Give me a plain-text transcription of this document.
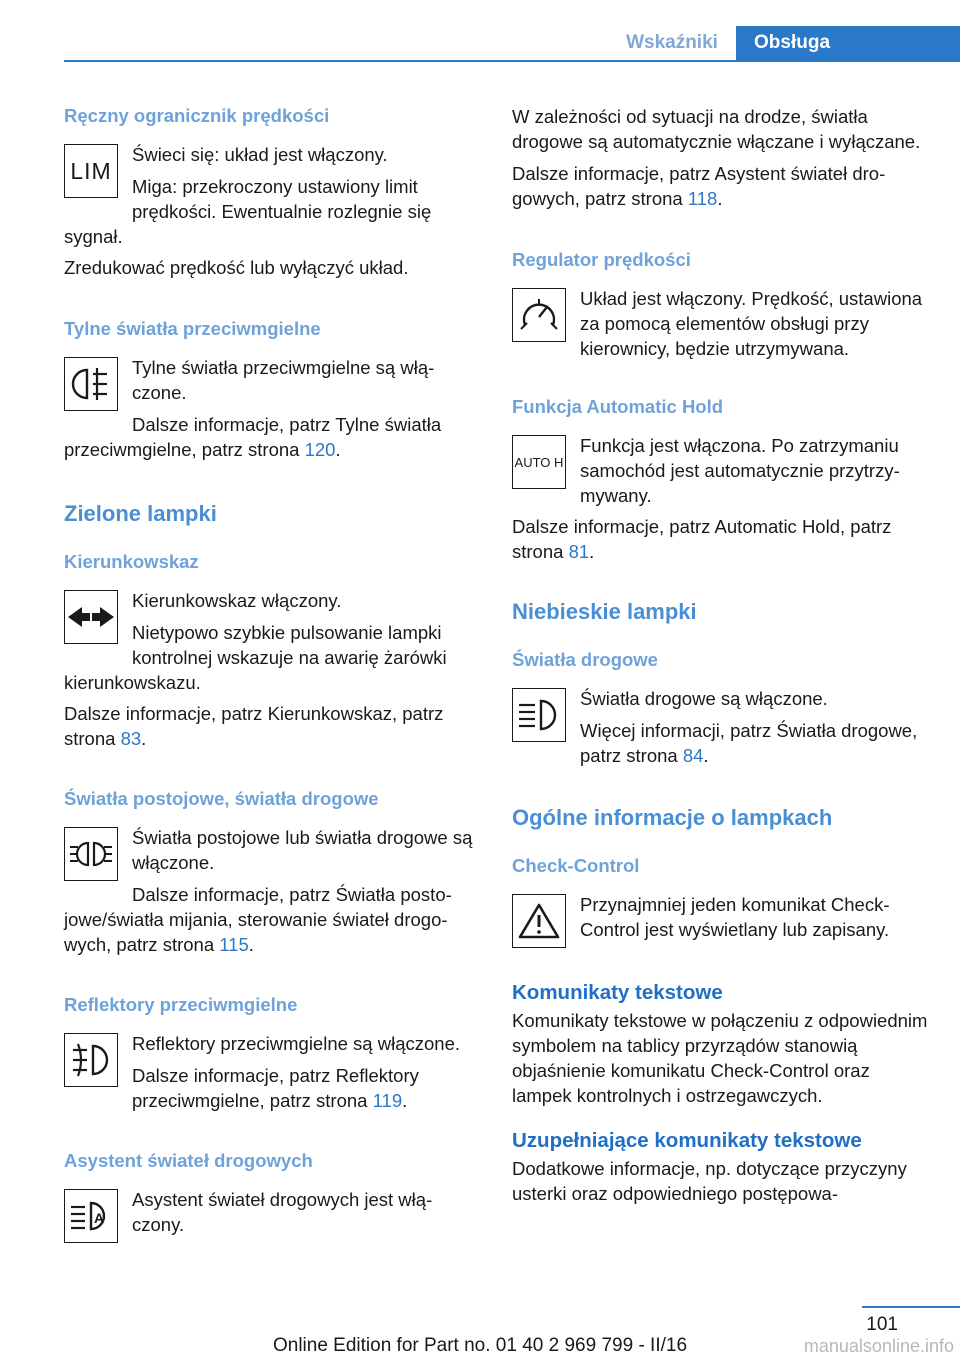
Wskaźniki	Obsługa
Ręczny ogranicznik prędkości
LIM

Świeci się: układ jest włączony.

Miga: przekroczony ustawiony limit prędkości. Ewentualnie rozlegnie się sygnał.

Zredukować prędkość lub wyłączyć układ.

Tylne światła przeciwmgielne

Tylne światła przeciwmgielne są włączone.

Dalsze informacje, patrz Tylne światła przeciwmgielne, patrz strona 120.

Zielone lampki
Kierunkowskaz

Kierunkowskaz włączony.

Nietypowo szybkie pulsowanie lampki kontrolnej wskazuje na awarię żarówki kierunkowskazu.

Dalsze informacje, patrz Kierunkowskaz, patrz strona 83.

Światła postojowe, światła drogowe

Światła postojowe lub światła drogowe są włączone.

Dalsze informacje, patrz Światła postojowe/światła mijania, sterowanie świateł drogowych, patrz strona 115.

Reflektory przeciwmgielne

Reflektory przeciwmgielne są włączone.

Dalsze informacje, patrz Reflektory przeciwmgielne, patrz strona 119.

Asystent świateł drogowych
A

Asystent świateł drogowych jest włączony.

W zależności od sytuacji na drodze, światła drogowe są automatycznie włączane i wyłączane.

Dalsze informacje, patrz Asystent świateł drogowych, patrz strona 118.

Regulator prędkości

Układ jest włączony. Prędkość, ustawiona za pomocą elementów obsługi przy kierownicy, będzie utrzymywana.

Funkcja Automatic Hold
AUTO H

Funkcja jest włączona. Po zatrzymaniu samochód jest automatycznie przytrzymywany.

Dalsze informacje, patrz Automatic Hold, patrz strona 81.

Niebieskie lampki
Światła drogowe

Światła drogowe są włączone.

Więcej informacji, patrz Światła drogowe, patrz strona 84.

Ogólne informacje o lampkach
Check-Control

Przynajmniej jeden komunikat Check-Control jest wyświetlany lub zapisany.

Komunikaty tekstowe

Komunikaty tekstowe w połączeniu z odpowiednim symbolem na tablicy przyrządów stanowią objaśnienie komunikatu Check-Control oraz lampek kontrolnych i ostrzegawczych.

Uzupełniające komunikaty tekstowe

Dodatkowe informacje, np. dotyczące przyczyny usterki oraz odpowiedniego postępowa-

101
Online Edition for Part no. 01 40 2 969 799 - II/16	manualsonline.info
